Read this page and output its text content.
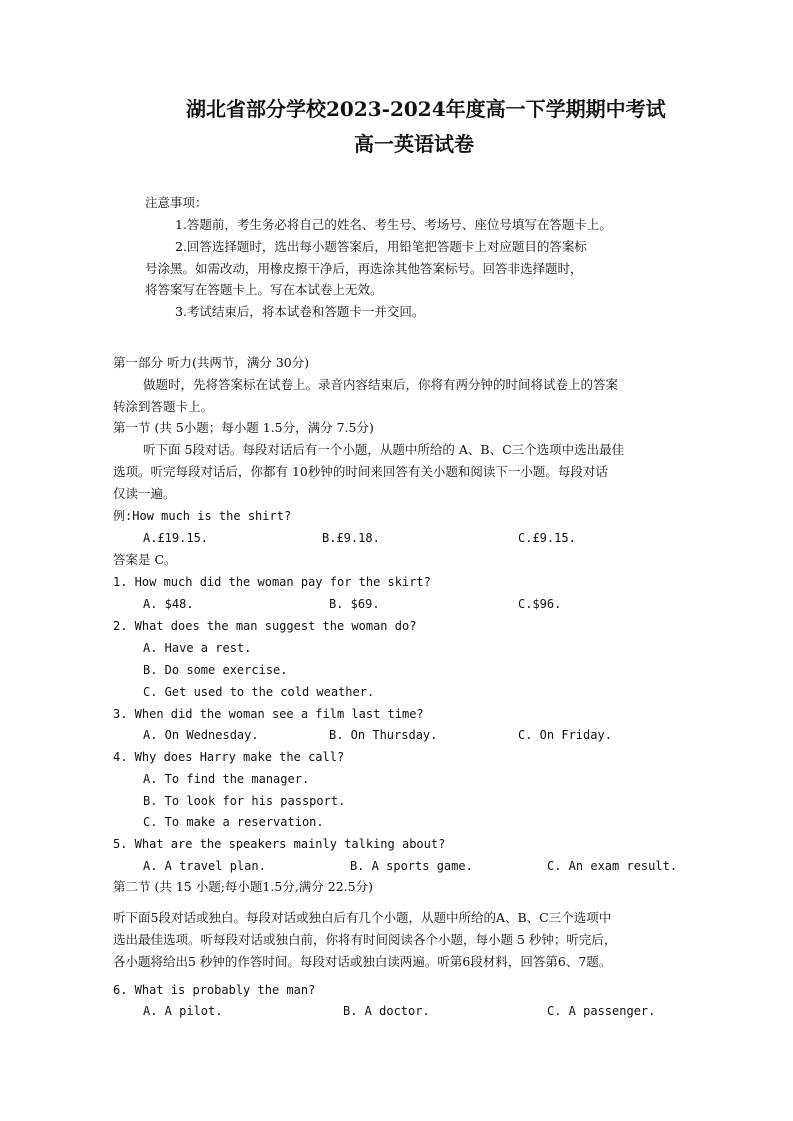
湖北省部分学校2023-2024年度高一下学期期中考试
高一英语试卷
注意事项：
1.答题前，考生务必将自己的姓名、考生号、考场号、座位号填写在答题卡上。
2.回答选择题时，选出每小题答案后，用铅笔把答题卡上对应题目的答案标
号涂黑。如需改动，用橡皮擦干净后，再选涂其他答案标号。回答非选择题时，
将答案写在答题卡上。写在本试卷上无效。
3.考试结束后，将本试卷和答题卡一并交回。
第一部分 听力(共两节，满分 30分)
做题时，先将答案标在试卷上。录音内容结束后，你将有两分钟的时间将试卷上的答案
转涂到答题卡上。
第一节 (共 5小题；每小题 1.5分，满分 7.5分)
听下面 5段对话。每段对话后有一个小题，从题中所给的 A、B、C三个选项中选出最佳
选项。听完每段对话后，你都有 10秒钟的时间来回答有关小题和阅读下一小题。每段对话
仅读一遍。
例:How much is the shirt?
A.£19.15.	B.£9.18.	C.£9.15.
答案是 C。
1. How much did the woman pay for the skirt?
A. $48.	B. $69.	C.$96.
2. What does the man suggest the woman do?
A. Have a rest.
B. Do some exercise.
C. Get used to the cold weather.
3. When did the woman see a film last time?
A. On Wednesday.	B. On Thursday.	C. On Friday.
4. Why does Harry make the call?
A. To find the manager.
B. To look for his passport.
C. To make a reservation.
5. What are the speakers mainly talking about?
A. A travel plan.	B. A sports game.	C. An exam result.
第二节 (共 15 小题;每小题1.5分,满分 22.5分)
听下面5段对话或独白。每段对话或独白后有几个小题，从题中所给的A、B、C三个选项中
选出最佳选项。听每段对话或独白前，你将有时间阅读各个小题，每小题 5 秒钟；听完后，
各小题将给出5 秒钟的作答时间。每段对话或独白读两遍。听第6段材料，回答第6、7题。
6. What is probably the man?
A. A pilot.	B. A doctor.	C. A passenger.
